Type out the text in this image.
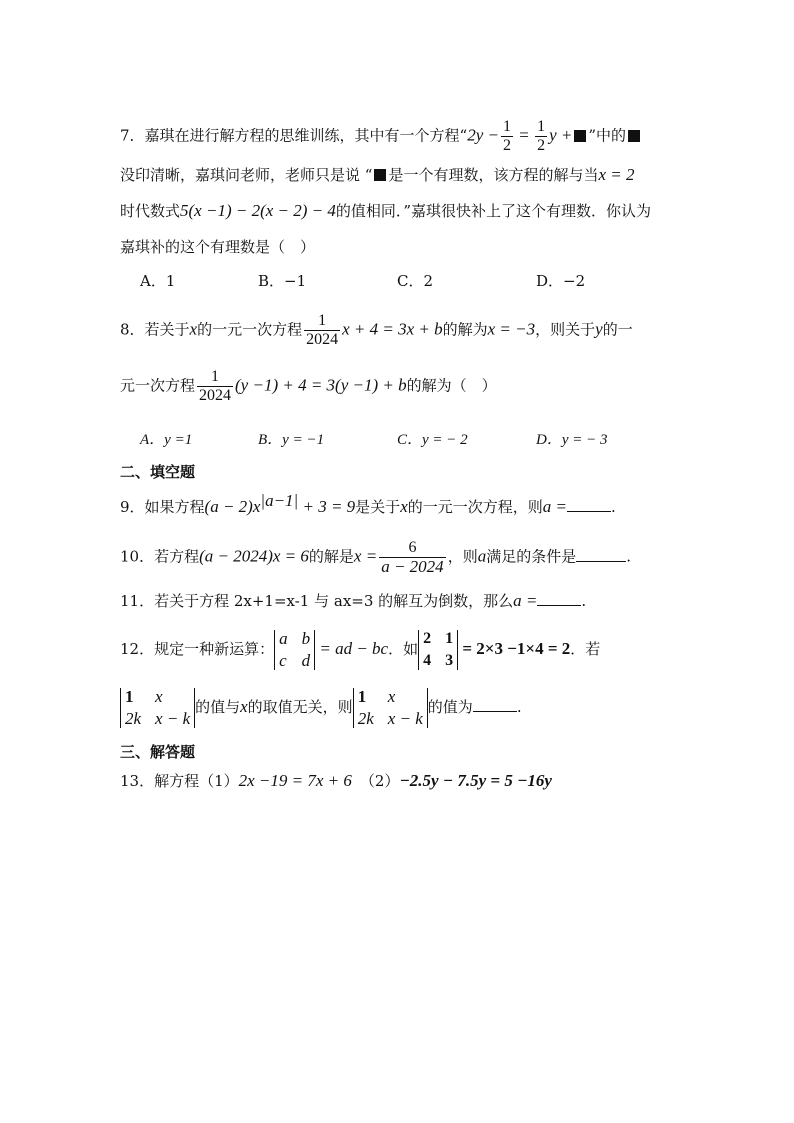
7．嘉琪在进行解方程的思维训练，其中有一个方程“$2y - \frac{1}{2} = \frac{1}{2}$ y + ”中的
没印清晰，嘉琪问老师，老师只是说 “ 是一个有理数，该方程的解与当x = 2
时代数式5(x −1) − 2(x − 2) − 4的值相同．”嘉琪很快补上了这个有理数．你认为
嘉琪补的这个有理数是（　）
A．1	B．−1	C．2	D．−2
8．若关于x的一元一次方程 $\frac{1}{2024}$ x + 4 = 3x + b的解为x = −3，则关于y的一
元一次方程 $\frac{1}{2024} (y -1) + 4 = 3(y -1) + b$的解为（　）
A．y =1	B．y = −1	C．y = − 2	D．y = − 3
二、填空题
9．如果方程$(a - 2)x^{|a-1|} + 3 = 9$是关于x的一元一次方程，则a =	.
10．若方程(a − 2024)x = 6的解是$x = \frac{6}{a - 2024}$ ，则a满足的条件是	.
11．若关于方程 2x+1=x-1 与 ax=3 的解互为倒数，那么a =	.
12．规定一种新运算：
a b
c d
= ad − bc．如
2 1
4 3
= 2×3 −1×4 = 2．若
1	x
2k x − k
的值与x的取值无关，则
1	x
2k x − k
的值为	.
三、解答题
13．解方程（1）2x −19 = 7x + 6 （2）−2.5y − 7.5y = 5 −16y
